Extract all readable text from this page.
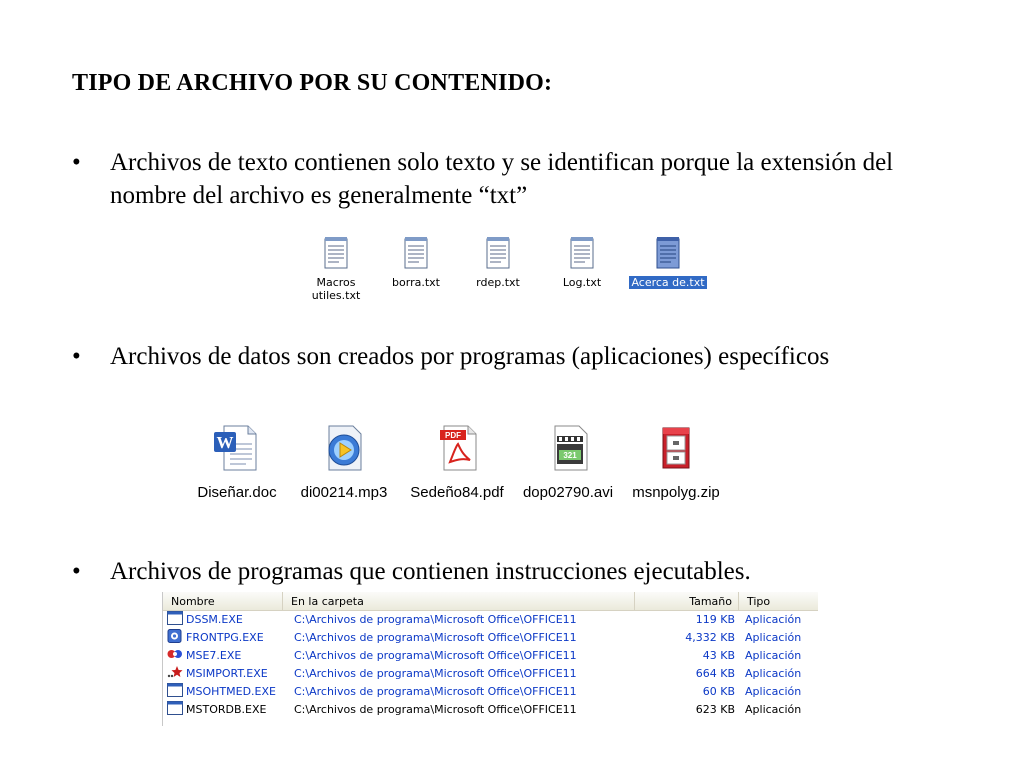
TIPO DE ARCHIVO POR SU CONTENIDO:
•	Archivos de texto contienen solo texto y se identifican porque la extensión del nombre del archivo es generalmente “txt”
Macros
utiles.txt
borra.txt	rdep.txt	Log.txt	Acerca de.txt
•	Archivos de datos son creados por programas (aplicaciones) específicos
W
Diseñar.doc	di00214.mp3
PDF
Sedeño84.pdf
321
dop02790.avi	msnpolyg.zip
•	Archivos de programas que contienen instrucciones ejecutables.
Nombre	En la carpeta	Tamaño	Tipo
DSSM.EXE	C:\Archivos de programa\Microsoft Office\OFFICE11	119 KB Aplicación
FRONTPG.EXE	C:\Archivos de programa\Microsoft Office\OFFICE11	4,332 KB Aplicación
MSE7.EXE	C:\Archivos de programa\Microsoft Office\OFFICE11	43 KB Aplicación
MSIMPORT.EXE C:\Archivos de programa\Microsoft Office\OFFICE11	664 KB Aplicación
MSOHTMED.EXE C:\Archivos de programa\Microsoft Office\OFFICE11	60 KB Aplicación
MSTORDB.EXE	C:\Archivos de programa\Microsoft Office\OFFICE11	623 KB Aplicación
